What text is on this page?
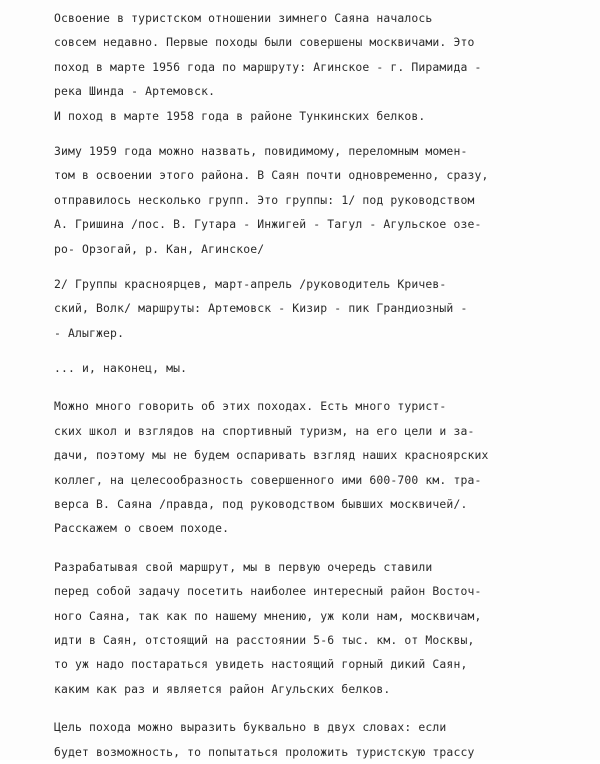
Освоение в туристском отношении зимнего Саяна началось
совсем недавно. Первые походы были совершены москвичами. Это
поход в марте 1956 года по маршруту: Агинское - г. Пирамида -
река Шинда - Артемовск.
И поход в марте 1958 года в районе Тункинских белков.
Зиму 1959 года можно назвать, повидимому, переломным момен-
том в освоении этого района. В Саян почти одновременно, сразу,
отправилось несколько групп. Это группы: 1/ под руководством
А. Гришина /пос. В. Гутара - Инжигей - Тагул - Агульское озе-
ро- Орзогай, р. Кан, Агинское/
2/ Группы красноярцев, март-апрель /руководитель Кричев-
ский, Волк/ маршруты: Артемовск - Кизир - пик Грандиозный -
- Алыгжер.
... и, наконец, мы.
Можно много говорить об этих походах. Есть много турист-
ских школ и взглядов на спортивный туризм, на его цели и за-
дачи, поэтому мы не будем оспаривать взгляд наших красноярских
коллег, на целесообразность совершенного ими 600-700 км. тра-
верса В. Саяна /правда, под руководством бывших москвичей/.
Расскажем о своем походе.
Разрабатывая свой маршрут, мы в первую очередь ставили
перед собой задачу посетить наиболее интересный район Восточ-
ного Саяна, так как по нашему мнению, уж коли нам, москвичам,
идти в Саян, отстоящий на расстоянии 5-6 тыс. км. от Москвы,
то уж надо постараться увидеть настоящий горный дикий Саян,
каким как раз и является район Агульских белков.
Цель похода можно выразить буквально в двух словах: если
будет возможность, то попытаться проложить туристскую трассу
